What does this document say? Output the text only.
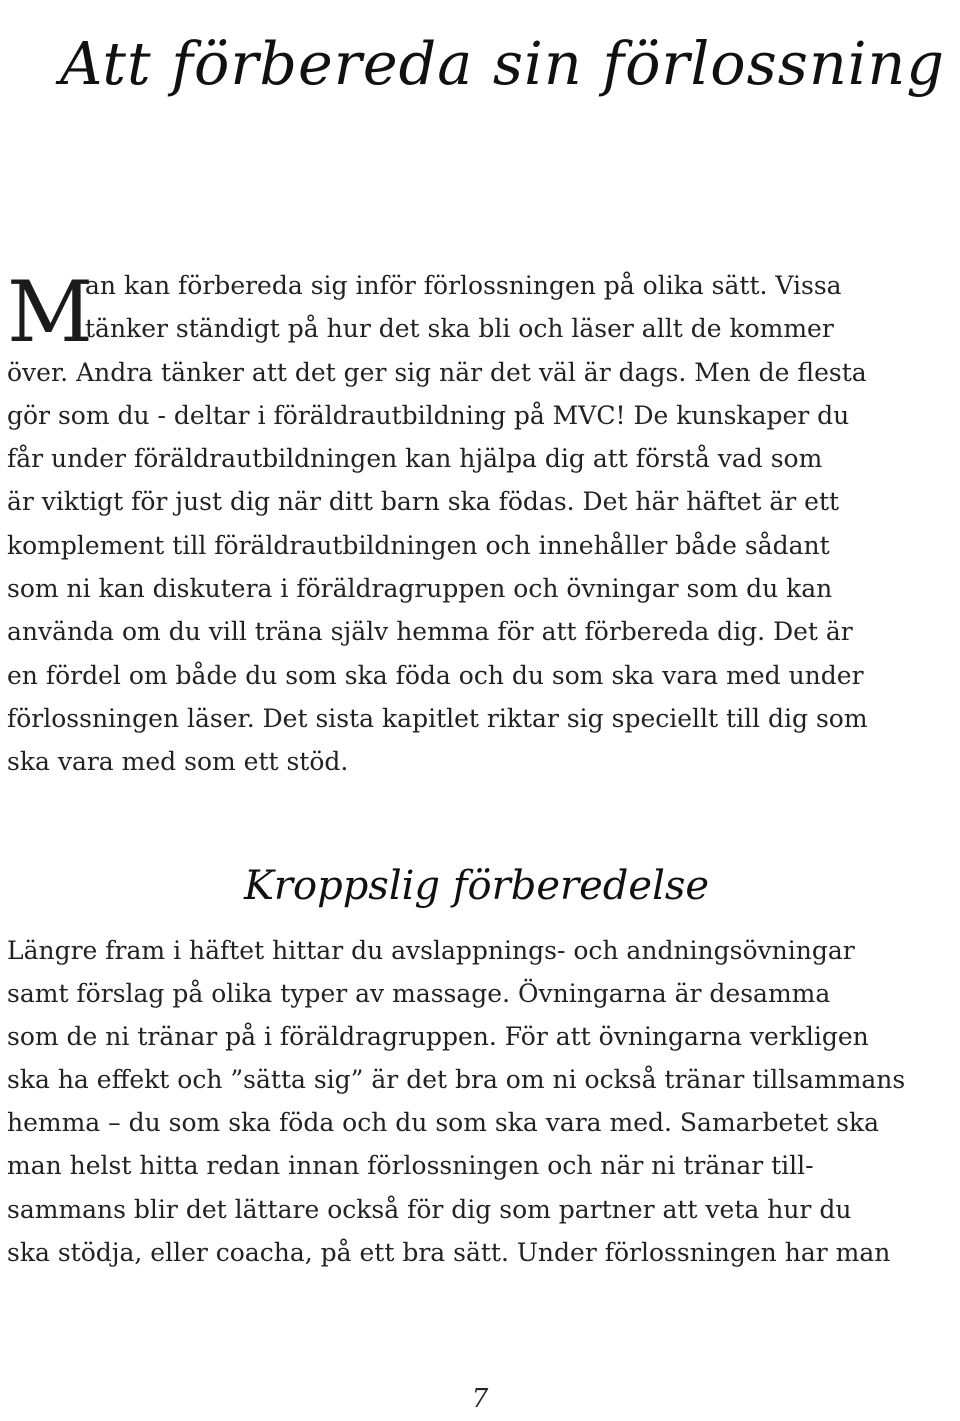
Att förbereda sin förlossning
M
an kan förbereda sig inför förlossningen på olika sätt. Vissa
tänker ständigt på hur det ska bli och läser allt de kommer
över. Andra tänker att det ger sig när det väl är dags. Men de flesta
gör som du - deltar i föräldrautbildning på MVC! De kunskaper du
får under föräldrautbildningen kan hjälpa dig att förstå vad som
är viktigt för just dig när ditt barn ska födas. Det här häftet är ett
komplement till föräldrautbildningen och innehåller både sådant
som ni kan diskutera i föräldragruppen och övningar som du kan
använda om du vill träna själv hemma för att förbereda dig. Det är
en fördel om både du som ska föda och du som ska vara med under
förlossningen läser. Det sista kapitlet riktar sig speciellt till dig som
ska vara med som ett stöd.
Kroppslig förberedelse
Längre fram i häftet hittar du avslappnings- och andningsövningar
samt förslag på olika typer av massage. Övningarna är desamma
som de ni tränar på i föräldragruppen. För att övningarna verkligen
ska ha effekt och ”sätta sig” är det bra om ni också tränar tillsammans
hemma – du som ska föda och du som ska vara med. Samarbetet ska
man helst hitta redan innan förlossningen och när ni tränar till-
sammans blir det lättare också för dig som partner att veta hur du
ska stödja, eller coacha, på ett bra sätt. Under förlossningen har man
7
